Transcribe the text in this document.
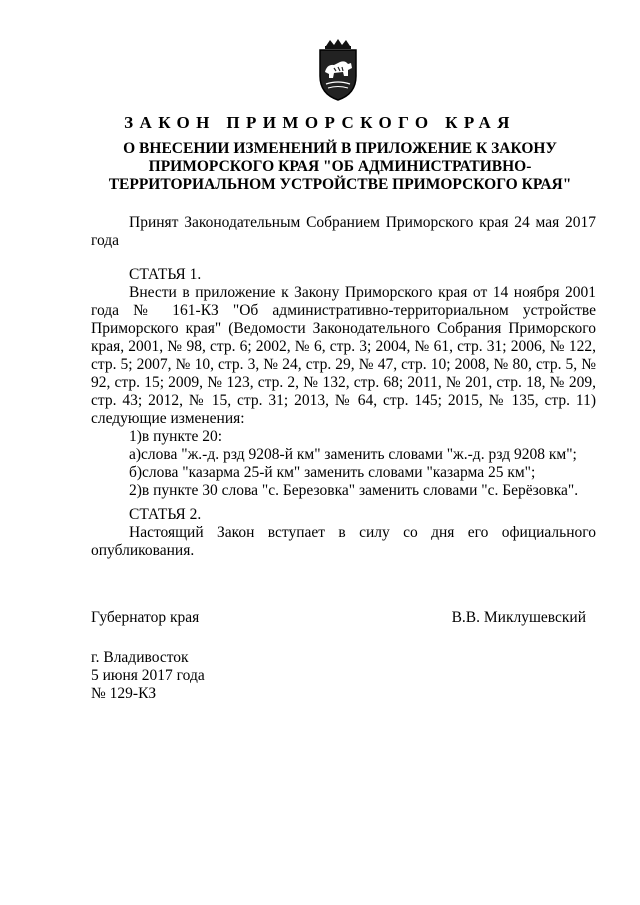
ЗАКОН ПРИМОРСКОГО КРАЯ
О ВНЕСЕНИИ ИЗМЕНЕНИЙ В ПРИЛОЖЕНИЕ К ЗАКОНУ
ПРИМОРСКОГО КРАЯ "ОБ АДМИНИСТРАТИВНО-
ТЕРРИТОРИАЛЬНОМ УСТРОЙСТВЕ ПРИМОРСКОГО КРАЯ"
Принят Законодательным Собранием Приморского края 24 мая 2017 года
СТАТЬЯ 1.
Внести в приложение к Закону Приморского края от 14 ноября 2001 года № 161-КЗ "Об административно-территориальном устройстве Приморского края" (Ведомости Законодательного Собрания Приморского края, 2001, № 98, стр. 6; 2002, № 6, стр. 3; 2004, № 61, стр. 31; 2006, № 122, стр. 5; 2007, № 10, стр. 3, № 24, стр. 29, № 47, стр. 10; 2008, № 80, стр. 5, № 92, стр. 15; 2009, № 123, стр. 2, № 132, стр. 68; 2011, № 201, стр. 18, № 209, стр. 43; 2012, № 15, стр. 31; 2013, № 64, стр. 145; 2015, № 135, стр. 11) следующие изменения:
1)в пункте 20:
а)слова "ж.-д. рзд 9208-й км" заменить словами "ж.-д. рзд 9208 км";
б)слова "казарма 25-й км" заменить словами "казарма 25 км";
2)в пункте 30 слова "с. Березовка" заменить словами "с. Берёзовка".
СТАТЬЯ 2.
Настоящий Закон вступает в силу со дня его официального опубликования.
Губернатор края	В.В. Миклушевский
г. Владивосток
5 июня 2017 года
№ 129-КЗ
